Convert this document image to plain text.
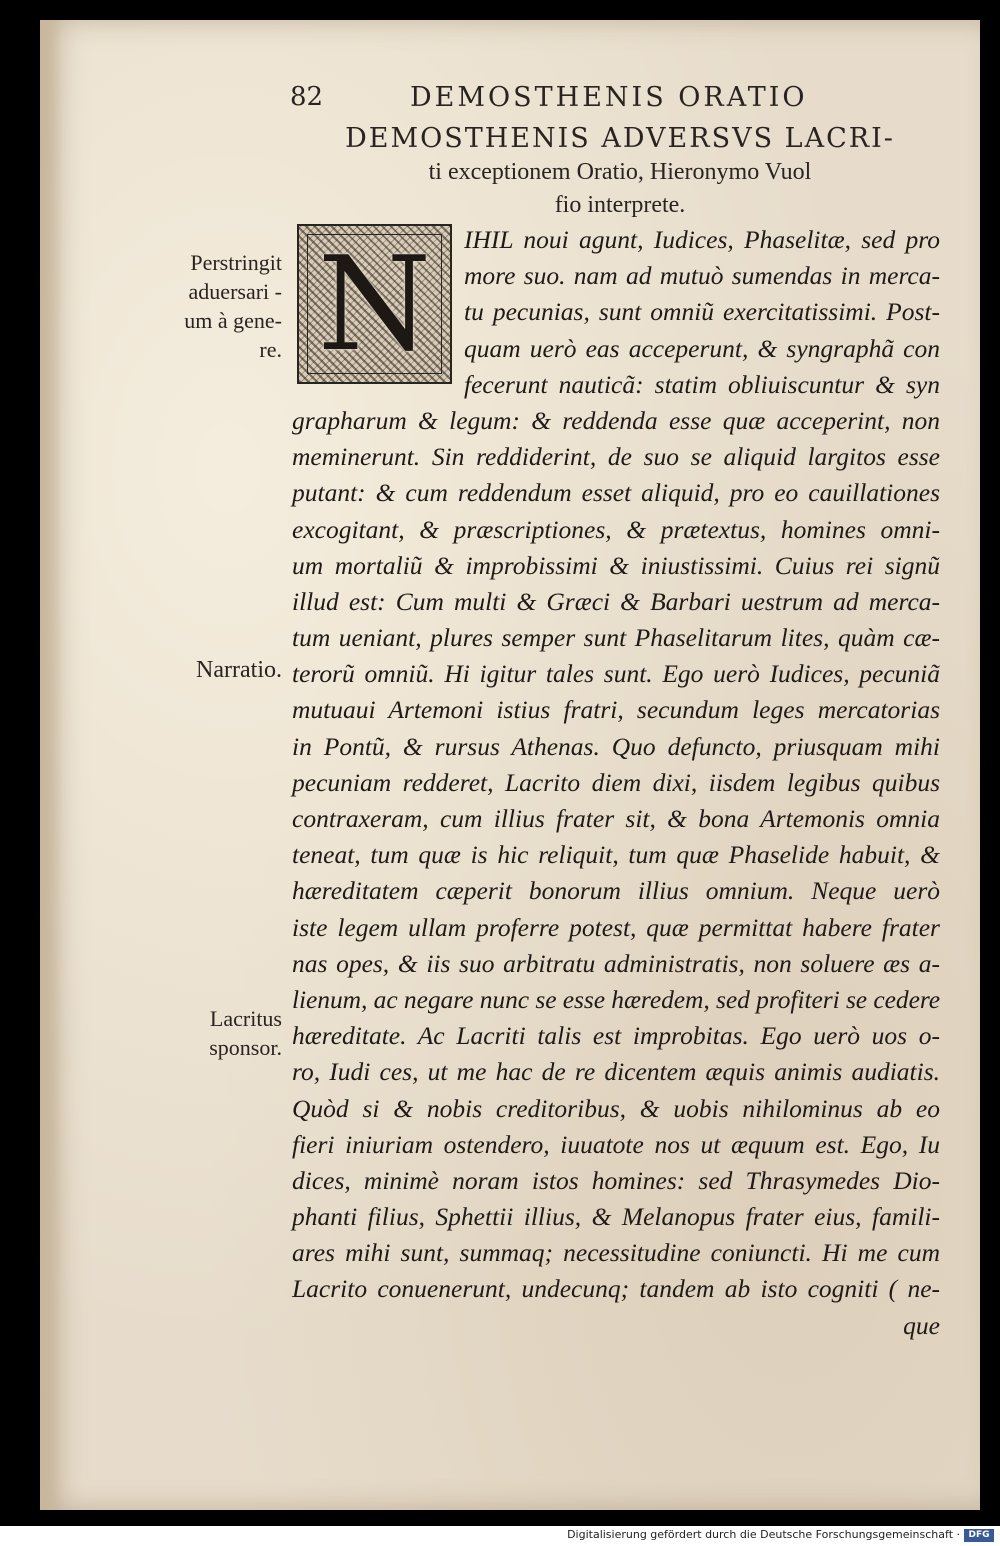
82	DEMOSTHENIS ORATIO
DEMOSTHENIS ADVERSVS LACRI-
ti exceptionem Oratio, Hieronymo Vuol
fio interprete.
N	IHIL noui agunt, Iudices, Phaselitæ, sed pro
more suo. nam ad mutuò sumendas in merca-
tu pecunias, sunt omniũ exercitatissimi. Post-
quam uerò eas acceperunt, & syngraphã con
fecerunt nauticã: statim obliuiscuntur & syn
grapharum & legum: & reddenda esse quæ acceperint, non
meminerunt. Sin reddiderint, de suo se aliquid largitos esse
putant: & cum reddendum esset aliquid, pro eo cauillationes
excogitant, & præscriptiones, & prætextus, homines omni-
um mortaliũ & improbissimi & iniustissimi. Cuius rei signũ
illud est: Cum multi & Græci & Barbari uestrum ad merca-
tum ueniant, plures semper sunt Phaselitarum lites, quàm cæ-
terorũ omniũ. Hi igitur tales sunt. Ego uerò Iudices, pecuniã
mutuaui Artemoni istius fratri, secundum leges mercatorias
in Pontũ, & rursus Athenas. Quo defuncto, priusquam mihi
pecuniam redderet, Lacrito diem dixi, iisdem legibus quibus
contraxeram, cum illius frater sit, & bona Artemonis omnia
teneat, tum quæ is hic reliquit, tum quæ Phaselide habuit, &
hæreditatem cæperit bonorum illius omnium. Neque uerò
iste legem ullam proferre potest, quæ permittat habere frater
nas opes, & iis suo arbitratu administratis, non soluere æs a-
lienum, ac negare nunc se esse hæredem, sed profiteri se cedere
hæreditate. Ac Lacriti talis est improbitas. Ego uerò uos o-
ro, Iudi ces, ut me hac de re dicentem æquis animis audiatis.
Quòd si & nobis creditoribus, & uobis nihilominus ab eo
fieri iniuriam ostendero, iuuatote nos ut æquum est. Ego, Iu
dices, minimè noram istos homines: sed Thrasymedes Dio-
phanti filius, Sphettii illius, & Melanopus frater eius, famili-
ares mihi sunt, summaq; necessitudine coniuncti. Hi me cum
Lacrito conuenerunt, undecunq; tandem ab isto cogniti ( ne-
que
Perstringit
aduersari -
um à gene-
re.
Narratio.
Lacritus
sponsor.
Digitalisierung gefördert durch die Deutsche Forschungsgemeinschaft · DFG
